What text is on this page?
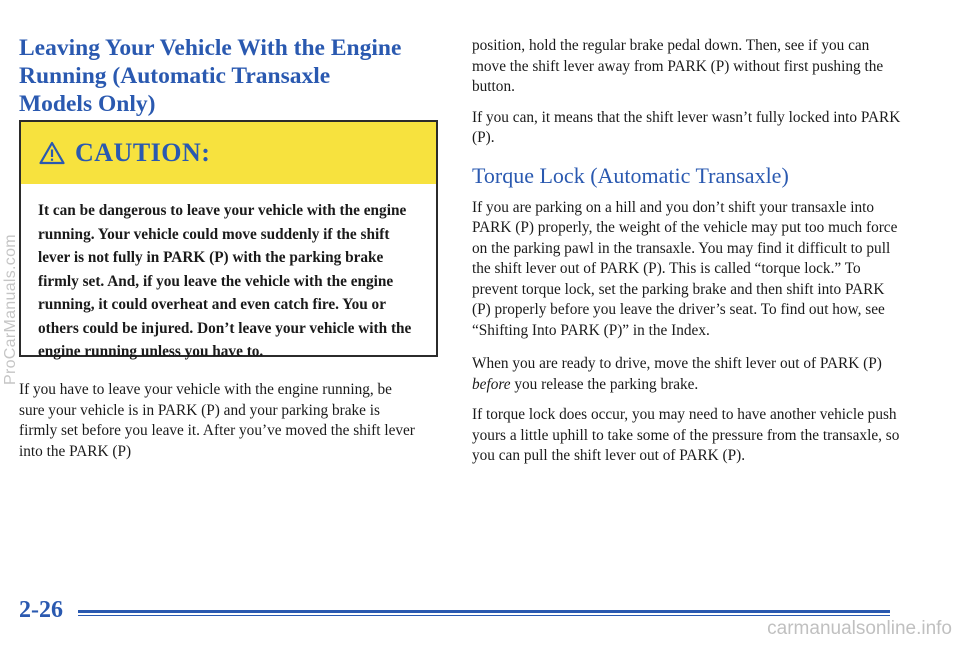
Leaving Your Vehicle With the Engine
Running (Automatic Transaxle
Models Only)
CAUTION:

It can be dangerous to leave your vehicle with the engine running. Your vehicle could move suddenly if the shift lever is not fully in PARK (P) with the parking brake firmly set. And, if you leave the vehicle with the engine running, it could overheat and even catch fire. You or others could be injured. Don’t leave your vehicle with the engine running unless you have to.

If you have to leave your vehicle with the engine running, be sure your vehicle is in PARK (P) and your parking brake is firmly set before you leave it. After you’ve moved the shift lever into the PARK (P)

position, hold the regular brake pedal down. Then, see if you can move the shift lever away from PARK (P) without first pushing the button.

If you can, it means that the shift lever wasn’t fully locked into PARK (P).

Torque Lock (Automatic Transaxle)

If you are parking on a hill and you don’t shift your transaxle into PARK (P) properly, the weight of the vehicle may put too much force on the parking pawl in the transaxle. You may find it difficult to pull the shift lever out of PARK (P). This is called “torque lock.” To prevent torque lock, set the parking brake and then shift into PARK (P) properly before you leave the driver’s seat. To find out how, see “Shifting Into PARK (P)” in the Index.

When you are ready to drive, move the shift lever out of PARK (P) before you release the parking brake.

If torque lock does occur, you may need to have another vehicle push yours a little uphill to take some of the pressure from the transaxle, so you can pull the shift lever out of PARK (P).

2-26
ProCarManuals.com
carmanualsonline.info
